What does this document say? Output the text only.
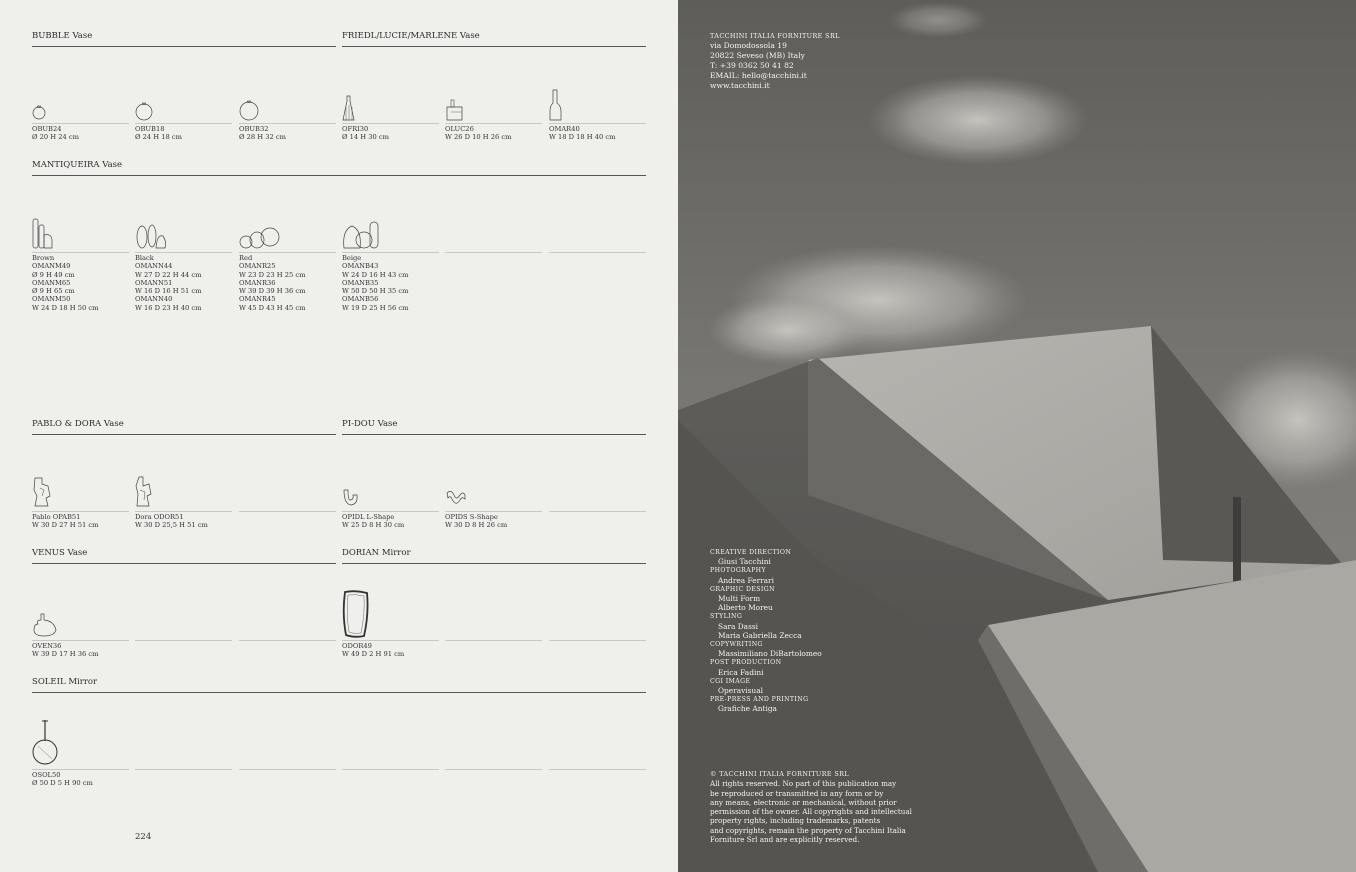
BUBBLE Vase	FRIEDL/LUCIE/MARLENE Vase
MANTIQUEIRA Vase
PABLO & DORA Vase	PI-DOU Vase
VENUS Vase	DORIAN Mirror
SOLEIL Mirror
OBUB24
Ø 20 H 24 cm
OBUB18
Ø 24 H 18 cm
OBUB32
Ø 28 H 32 cm
OFRI30
Ø 14 H 30 cm
OLUC26
W 26 D 10 H 26 cm
OMAR40
W 18 D 18 H 40 cm
Brown
OMANM49
Ø 9 H 49 cm
OMANM65
Ø 9 H 65 cm
OMANM50
W 24 D 18 H 50 cm
Black
OMANN44
W 27 D 22 H 44 cm
OMANN51
W 16 D 16 H 51 cm
OMANN40
W 16 D 23 H 40 cm
Red
OMANR25
W 23 D 23 H 25 cm
OMANR36
W 39 D 39 H 36 cm
OMANR45
W 45 D 43 H 45 cm
Beige
OMANB43
W 24 D 16 H 43 cm
OMANB35
W 50 D 50 H 35 cm
OMANB56
W 19 D 25 H 56 cm
Pablo OPAB51
W 30 D 27 H 51 cm
Dora ODOR51
W 30 D 25,5 H 51 cm
OPIDL L-Shape
W 25 D 8 H 30 cm
OPIDS S-Shape
W 30 D 8 H 26 cm
OVEN36
W 39 D 17 H 36 cm
ODOR49
W 49 D 2 H 91 cm
OSOL50
Ø 50 D 5 H 90 cm
224
TACCHINI ITALIA FORNITURE SRL
via Domodossola 19
20822 Seveso (MB) Italy
T: +39 0362 50 41 82
EMAIL: hello@tacchini.it
www.tacchini.it
CREATIVE DIRECTION
Giusi Tacchini
PHOTOGRAPHY
Andrea Ferrari
GRAPHIC DESIGN
Multi Form
Alberto Moreu
STYLING
Sara Dassi
Maria Gabriella Zecca
COPYWRITING
Massimiliano DiBartolomeo
POST PRODUCTION
Erica Fadini
CGI IMAGE
Operavisual
PRE-PRESS AND PRINTING
Grafiche Antiga
© TACCHINI ITALIA FORNITURE SRL
All rights reserved. No part of this publication may
be reproduced or transmitted in any form or by
any means, electronic or mechanical, without prior
permission of the owner. All copyrights and intellectual
property rights, including trademarks, patents
and copyrights, remain the property of Tacchini Italia
Forniture Srl and are explicitly reserved.
